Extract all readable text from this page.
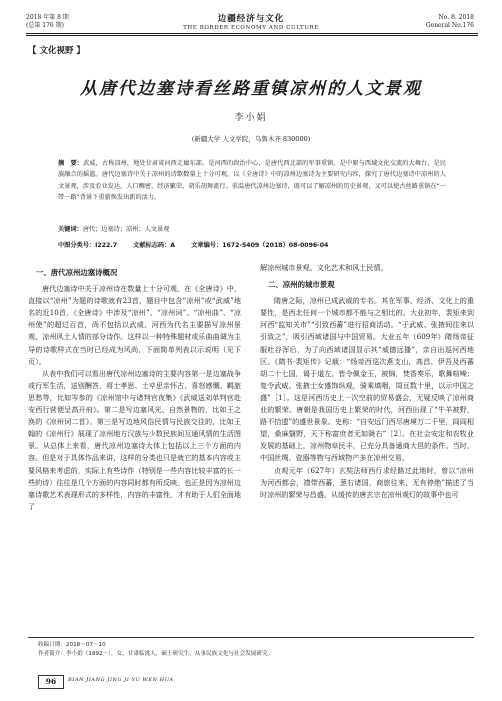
2018 年第 8 期
(总第 176 期)
边疆经济与文化
THE BORDER ECONOMY AND CULTURE
No. 8. 2018
General No.176
【 文化视野 】
从唐代边塞诗看丝路重镇凉州的人文景观
李小娟
(新疆大学 人文学院，乌鲁木齐 830000)
摘　要：武威，古称凉州，地处甘肃省河西走廊东部，是河西的政治中心，是唐代西北部的军事重镇，是中原与西域文化交流的大舞台，是民族融合的摇篮。唐代边塞诗中关于凉州的诗歌数量上十分可观，以《全唐诗》中的凉州边塞诗为主要研究内容，探究了唐代边塞诗中凉州的人文景观，涉及农业发达，人口稠密，经济繁荣，胡乐胡舞流行。重温唐代凉州边塞诗，既可以了解凉州的历史景观，又可以使古丝路重镇在“一带一路”背景下重新焕发出新的活力。
关键词：唐代；边塞诗；凉州；人文景观
中图分类号：I222.7	文献标志码：A	文章编号：1672-5409（2018）08-0096-04
一、唐代凉州边塞诗概况

唐代边塞诗中关于凉州诗在数量上十分可观，在《全唐诗》中，直接以“凉州”为题的诗歌就有23首，题目中包含“凉州”或“武威”地名的近10首，《全唐诗》中涉及“凉州”、“凉州词”、“凉州曲”、“凉州使”的超过百首，尚不包括以武威、河西为代名主要描写凉州景观、凉州风土人情的部分诗作。这样以一种特殊题材或乐曲曲调为主导的诗歌样式在当时已经成为风尚，下面简单列表以示说明（见下页）。

从表中我们可以看出唐代凉州边塞诗的主要内容第一是边塞战争或行军生活，送别酬答，将士孝思、士卒思亲怀古、喜怒感慨、羁旅思愁等，比如岑参的《凉州馆中与诸判官夜集》《武威送刘单判官赴安西行营便呈高开府》。第二是写边塞风光、自然景物的，比如王之涣的《凉州词二首》。第三是写边地风俗民情与民族交往的，比如王翰的《凉州行》展现了凉州地方汉族与少数民族间互通风情的生活图景。从总体上来看，唐代凉州边塞诗大体上包括以上三个方面的内容。但是对于具体作品来讲，这样的分类也只是就它的基本内容或主要风格来考虑的，实际上有些诗作（特别是一些内容比较丰富的长一些的诗）往往是几个方面的内容同时都有所反映。也正是因为凉州边塞诗歌艺术表现形式的多样性，内容的丰富性，才有助于人们全面地了

解凉州城市景观、文化艺术和风土民情。

二、凉州的城市景观

隋唐之际，凉州已成武威的专名。其在军事、经济、文化上的重要性，是西北任何一个城市都不能与之相比的。大业初年，裴矩来到河西“监知关市”“引致西蕃”进行招商活动。“于武威、张掖间往来以引致之”，吸引西域诸国与中国贸易。大业五年（609年）隋炀帝征服吐谷浑后，为了向西域诸国显示其“威德远播”，亲自出巡河西地区。《隋书·裴矩传》记载：“炀帝西巡次燕支山，高昌、伊吾及西蕃胡二十七国，谒于道左。皆令佩金玉，被锦，焚香奏乐，歌舞喧噪；复令武威、张掖士女盛饰纵观，骑乘填咽，周亘数十里，以示中国之盛”［1］。这是河西历史上一次空前的贸易盛会，无疑反映了凉州商业的繁荣。唐朝是我国历史上繁荣的时代，河西出现了“牛羊被野，路不拾遗”的盛世景象。史称：“自安远门西尽唐境万二千里，闾阎相望，桑麻翳野，天下称富庶者无如陇右”［2］。在社会安定和农牧业发展的基础上，凉州物阜民丰，已充分具备通商大邑的条件。当时，中国丝绸、瓷器等物与西域物产多在凉州交易。

贞观元年（627年）玄奘法师西行求经路过此地时，曾以“凉州为河西都会，襟带西蕃，葱右诸国，商旅往来，无有停绝”描述了当时凉州的繁荣与昌盛。从缓传的唐玄宗在凉州观灯的故事中也可

收稿日期：2018－07－10
作者简介：李小娟（1992－），女，甘肃临洮人，硕士研究生，从事民族文化与社会发展研究。
96	BIAN JIANG JING JI YU WEN HUA
